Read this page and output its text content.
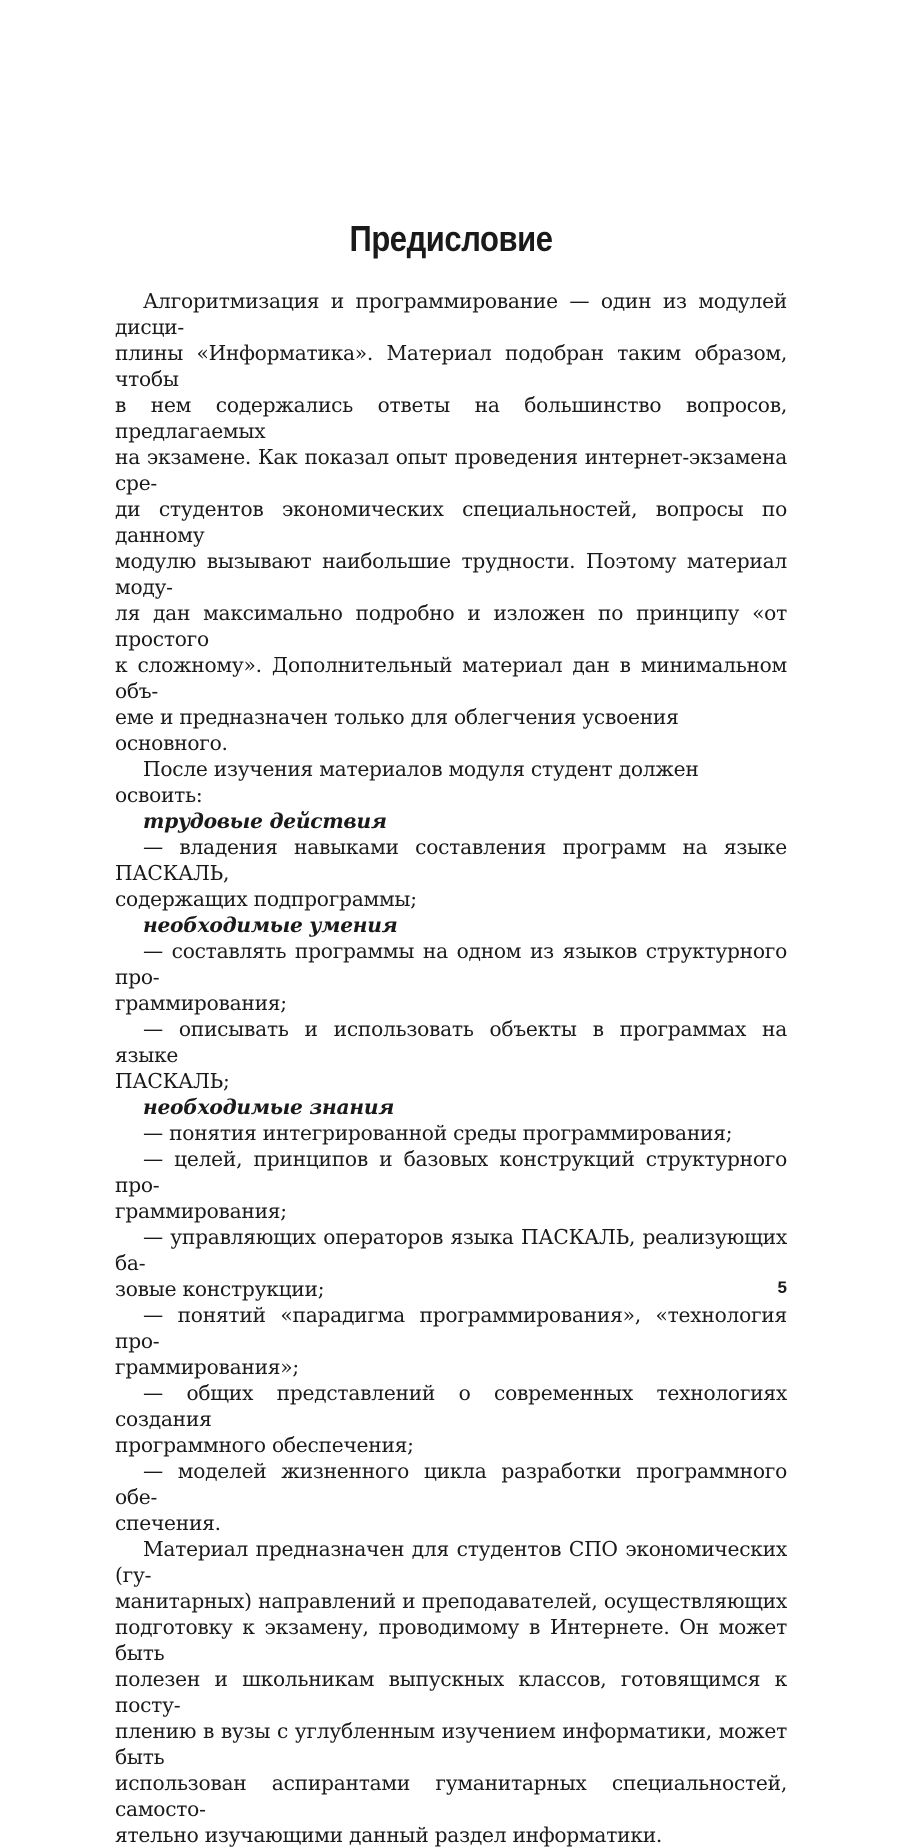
Предисловие

Алгоритмизация и программирование — один из модулей дисци-

плины «Информатика». Материал подобран таким образом, чтобы
в нем содержались ответы на большинство вопросов, предлагаемых
на экзамене. Как показал опыт проведения интернет-экзамена сре-
ди студентов экономических специальностей, вопросы по данному
модулю вызывают наибольшие трудности. Поэтому материал моду-
ля дан максимально подробно и изложен по принципу «от простого
к сложному». Дополнительный материал дан в минимальном объ-
еме и предназначен только для облегчения усвоения основного.

После изучения материалов модуля студент должен освоить:

трудовые действия

— владения навыками составления программ на языке ПАСКАЛЬ,

содержащих подпрограммы;

необходимые умения

— составлять программы на одном из языков структурного про-

граммирования;

— описывать и использовать объекты в программах на языке

ПАСКАЛЬ;

необходимые знания

— понятия интегрированной среды программирования;

— целей, принципов и базовых конструкций структурного про-

граммирования;

— управляющих операторов языка ПАСКАЛЬ, реализующих ба-

зовые конструкции;

— понятий «парадигма программирования», «технология про-

граммирования»;

— общих представлений о современных технологиях создания

программного обеспечения;

— моделей жизненного цикла разработки программного обе-

спечения.

Материал предназначен для студентов СПО экономических (гу-

манитарных) направлений и преподавателей, осуществляющих
подготовку к экзамену, проводимому в Интернете. Он может быть
полезен и школьникам выпускных классов, готовящимся к посту-
плению в вузы с углубленным изучением информатики, может быть
использован аспирантами гуманитарных специальностей, самосто-
ятельно изучающими данный раздел информатики.

5
